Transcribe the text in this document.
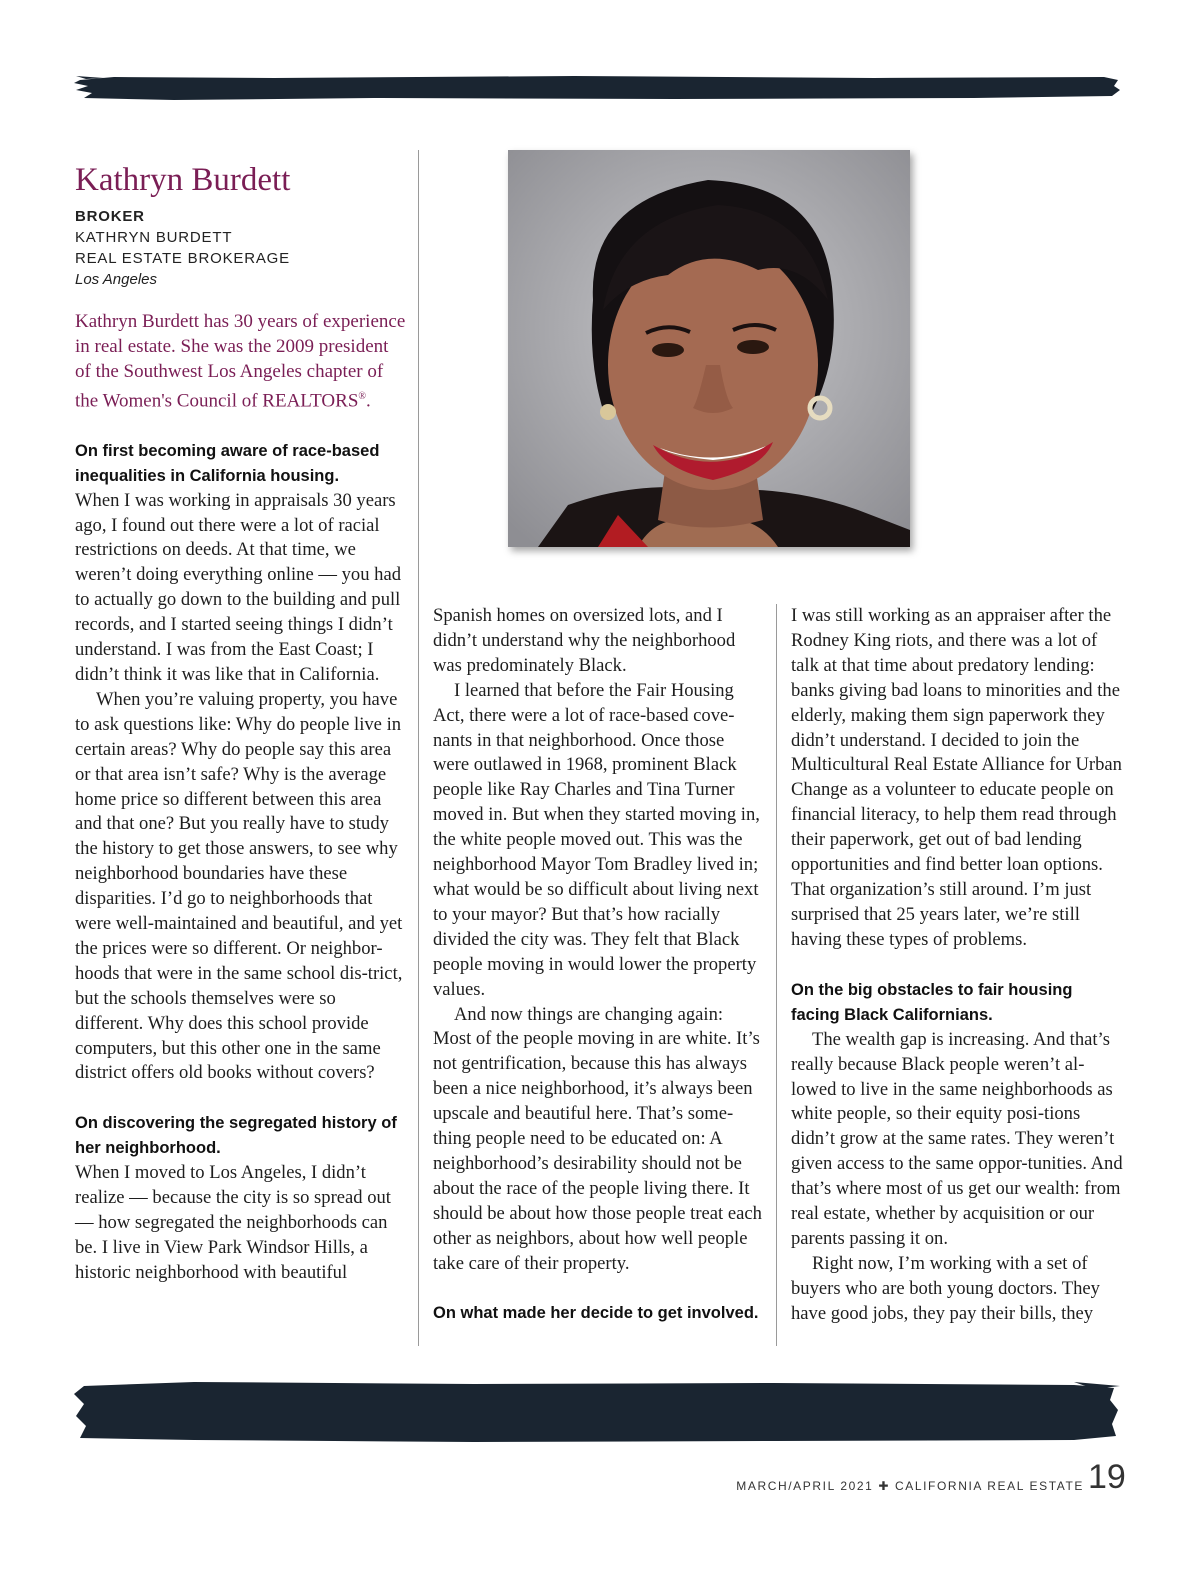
Kathryn Burdett
BROKER
KATHRYN BURDETT
REAL ESTATE BROKERAGE
Los Angeles
Kathryn Burdett has 30 years of experience in real estate. She was the 2009 president of the Southwest Los Angeles chapter of the Women's Council of REALTORS®.
On first becoming aware of race-based inequalities in California housing.

When I was working in appraisals 30 years ago, I found out there were a lot of racial restrictions on deeds. At that time, we weren’t doing everything online — you had to actually go down to the building and pull records, and I started seeing things I didn’t understand. I was from the East Coast; I didn’t think it was like that in California.

When you’re valuing property, you have to ask questions like: Why do people live in certain areas? Why do people say this area or that area isn’t safe? Why is the average home price so different between this area and that one? But you really have to study the history to get those answers, to see why neighborhood boundaries have these disparities. I’d go to neighborhoods that were well-maintained and beautiful, and yet the prices were so different. Or neighbor-hoods that were in the same school dis-trict, but the schools themselves were so different. Why does this school provide computers, but this other one in the same district offers old books without covers?

On discovering the segregated history of her neighborhood.

When I moved to Los Angeles, I didn’t realize — because the city is so spread out — how segregated the neighborhoods can be. I live in View Park Windsor Hills, a historic neighborhood with beautiful

Spanish homes on oversized lots, and I didn’t understand why the neighborhood was predominately Black.

I learned that before the Fair Housing Act, there were a lot of race-based cove-nants in that neighborhood. Once those were outlawed in 1968, prominent Black people like Ray Charles and Tina Turner moved in. But when they started moving in, the white people moved out. This was the neighborhood Mayor Tom Bradley lived in; what would be so difficult about living next to your mayor? But that’s how racially divided the city was. They felt that Black people moving in would lower the property values.

And now things are changing again: Most of the people moving in are white. It’s not gentrification, because this has always been a nice neighborhood, it’s always been upscale and beautiful here. That’s some-thing people need to be educated on: A neighborhood’s desirability should not be about the race of the people living there. It should be about how those people treat each other as neighbors, about how well people take care of their property.

On what made her decide to get involved.

I was still working as an appraiser after the Rodney King riots, and there was a lot of talk at that time about predatory lending: banks giving bad loans to minorities and the elderly, making them sign paperwork they didn’t understand. I decided to join the Multicultural Real Estate Alliance for Urban Change as a volunteer to educate people on financial literacy, to help them read through their paperwork, get out of bad lending opportunities and find better loan options. That organization’s still around. I’m just surprised that 25 years later, we’re still having these types of problems.

On the big obstacles to fair housing facing Black Californians.

The wealth gap is increasing. And that’s really because Black people weren’t al-lowed to live in the same neighborhoods as white people, so their equity posi-tions didn’t grow at the same rates. They weren’t given access to the same oppor-tunities. And that’s where most of us get our wealth: from real estate, whether by acquisition or our parents passing it on.

Right now, I’m working with a set of buyers who are both young doctors. They have good jobs, they pay their bills, they

MARCH/APRIL 2021 ✚ CALIFORNIA REAL ESTATE 19
